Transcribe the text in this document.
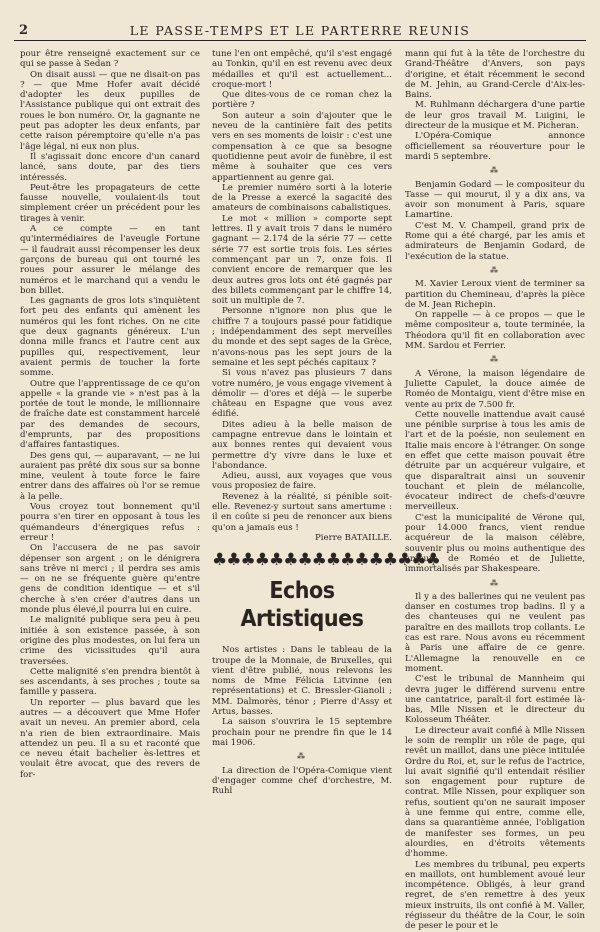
2	LE PASSE-TEMPS ET LE PARTERRE REUNIS

pour être renseigné exactement sur ce qui se passe à Sedan ?

On disait aussi — que ne disait-on pas ? — que Mme Hofer avait décidé d'adopter les deux pupilles de l'Assistance publique qui ont extrait des roues le bon numéro. Or, la gagnante ne peut pas adopter les deux enfants, par cette raison péremptoire qu'elle n'a pas l'âge légal, ni eux non plus.

Il s'agissait donc encore d'un canard lancé, sans doute, par des tiers intéressés.

Peut-être les propagateurs de cette fausse nouvelle, voulaient-ils tout simplement créer un précédent pour les tirages à venir.

A ce compte — en tant qu'intermédiaires de l'aveugle Fortune — il faudrait aussi récompenser les deux garçons de bureau qui ont tourné les roues pour assurer le mélange des numéros et le marchand qui a vendu le bon billet.

Les gagnants de gros lots s'inquiètent fort peu des enfants qui amènent les numéros qui les font riches. On ne cite que deux gagnants généreux. L'un donna mille francs et l'autre cent aux pupilles qui, respectivement, leur avaient permis de toucher la forte somme.

Outre que l'apprentissage de ce qu'on appelle « la grande vie » n'est pas à la portée de tout le monde, le millionnaire de fraîche date est constamment harcelé par des demandes de secours, d'emprunts, par des propositions d'affaires fantastiques.

Des gens qui, — auparavant, — ne lui auraient pas prêté dix sous sur sa bonne mine, veulent à toute force le faire entrer dans des affaires où l'or se remue à la pelle.

Vous croyez tout bonnement qu'il pourra s'en tirer en opposant à tous les quémandeurs d'énergiques refus : erreur !

On l'accusera de ne pas savoir dépenser son argent ; on le dénigrera sans trêve ni merci ; il perdra ses amis — on ne se fréquente guère qu'entre gens de condition identique — et s'il cherche à s'en créer d'autres dans un monde plus élevé,il pourra lui en cuire.

Le malignité publique sera peu à peu initiée à son existence passée, à son origine des plus modestes, on lui fera un crime des vicissitudes qu'il aura traversées.

Cette malignité s'en prendra bientôt à ses ascendants, à ses proches ; toute sa famille y passera.

Un reporter — plus bavard que les autres — a découvert que Mme Hofer avait un neveu. An premier abord, cela n'a rien de bien extraordinaire. Mais attendez un peu. Il a su et raconté que ce neveu était bachelier ès-lettres et voulait être avocat, que des revers de for-

tune l'en ont empêché, qu'il s'est engagé au Tonkin, qu'il en est revenu avec deux médailles et qu'il est actuellement... croque-mort !

Que dites-vous de ce roman chez la portière ?

Son auteur a soin d'ajouter que le neveu de la cantinière fait des petits vers en ses moments de loisir : c'est une compensation à ce que sa besogne quotidienne peut avoir de funèbre, il est même à souhaiter que ces vers appartiennent au genre gai.

Le premier numéro sorti à la loterie de la Presse a exercé la sagacité des amateurs de combinaisons cabalistiques.

Le mot « million » comporte sept lettres. Il y avait trois 7 dans le numéro gagnant — 2.174 de la série 77 — cette série 77 est sortie trois fois. Les séries commençant par un 7, onze fois. Il convient encore de remarquer que les deux autres gros lots ont été gagnés par des billets commençant par le chiffre 14, soit un multiple de 7.

Personne n'ignore non plus que le chiffre 7 a toujours passé pour fatidique ; indépendamment des sept merveilles du monde et des sept sages de la Grèce, n'avons-nous pas les sept jours de la semaine et les sept péchés capitaux ?

Si vous n'avez pas plusieurs 7 dans votre numéro, je vous engage vivement à démolir — d'ores et déjà — le superbe château en Espagne que vous avez édifié.

Dites adieu à la belle maison de campagne entrevue dans le lointain et aux bonnes rentes qui devaient vous permettre d'y vivre dans le luxe et l'abondance.

Adieu, aussi, aux voyages que vous vous proposiez de faire.

Revenez à la réalité, si pénible soit-elle. Revenez-y surtout sans amertume : il en coûte si peu de renoncer aux biens qu'on a jamais eus !

Pierre BATAILLE.

♣♣♣♣♣♣♣♣♣♣♣♣♣♣♣♣
Echos Artistiques

Nos artistes : Dans le tableau de la troupe de la Monnaie, de Bruxelles, qui vient d'être publié, nous relevons les noms de Mme Félicia Litvinne (en représentations) et C. Bressler-Gianoli ; MM. Dalmorès, ténor ; Pierre d'Assy et Artus, basses.

La saison s'ouvrira le 15 septembre prochain pour ne prendre fin que le 14 mai 1906.

⁂

La direction de l'Opéra-Comique vient d'engager comme chef d'orchestre, M. Ruhl

mann qui fut à la tête de l'orchestre du Grand-Théâtre d'Anvers, son pays d'origine, et était récemment le second de M. Jehin, au Grand-Cercle d'Aix-les-Bains.

M. Ruhlmann déchargera d'une partie de leur gros travail M. Luigini, le directeur de la musique et M. Picheran.

L'Opéra-Comique annonce officiellement sa réouverture pour le mardi 5 septembre.

⁂

Benjamin Godard — le compositeur du Tasse — qui mourut, il y a dix ans, va avoir son monument à Paris, square Lamartine.

C'est M. V. Champeil, grand prix de Rome qui a été chargé, par les amis et admirateurs de Benjamin Godard, de l'exécution de la statue.

⁂

M. Xavier Leroux vient de terminer sa partition du Chemineau, d'après la pièce de M. Jean Richepin.

On rappelle — à ce propos — que le même compositeur a, toute terminée, la Théodora qu'il fit en collaboration avec MM. Sardou et Ferrier.

⁂

A Vérone, la maison légendaire de Juliette Capulet, la douce aimée de Roméo de Montaigu, vient d'être mise en vente au prix de 7.500 fr.

Cette nouvelle inattendue avait causé une pénible surprise à tous les amis de l'art et de la poésie, non seulement en Italie mais encore à l'étranger. On songe en effet que cette maison pouvait être détruite par un acquéreur vulgaire, et que disparaîtrait ainsi un souvenir touchant et plein de mélancolie, évocateur indirect de chefs-d'œuvre merveilleux.

C'est la municipalité de Vérone qui, pour 14.000 francs, vient rendue acquéreur de la maison célèbre, souvenir plus ou moins authentique des amours de Roméo et de Juliette, immortalisés par Shakespeare.

⁂

Il y a des ballerines qui ne veulent pas danser en costumes trop badins. Il y a des chanteuses qui ne veulent pas paraître en des maillots trop collants. Le cas est rare. Nous avons eu récemment à Paris une affaire de ce genre. L'Allemagne la renouvelle en ce moment.

C'est le tribunal de Mannheim qui devra juger le différend survenu entre une cantatrice, paraît-il fort estimée là-bas, Mlle Nissen et le directeur du Kolosseum Théâter.

Le directeur avait confié à Mlle Nissen le soin de remplir un rôle de page, qui revêt un maillot, dans une pièce intitulée Ordre du Roi, et, sur le refus de l'actrice, lui avait signifié qu'il entendait résilier son engagement pour rupture de contrat. Mlle Nissen, pour expliquer son refus, soutient qu'on ne saurait imposer à une femme qui entre, comme elle, dans sa quarantième année, l'obligation de manifester ses formes, un peu alourdies, en d'étroits vêtements d'homme.

Les membres du tribunal, peu experts en maillots, ont humblement avoué leur incompétence. Obligés, à leur grand regret, de s'en remettre à des yeux mieux instruits, ils ont confié à M. Valler, régisseur du théâtre de la Cour, le soin de peser le pour et le
